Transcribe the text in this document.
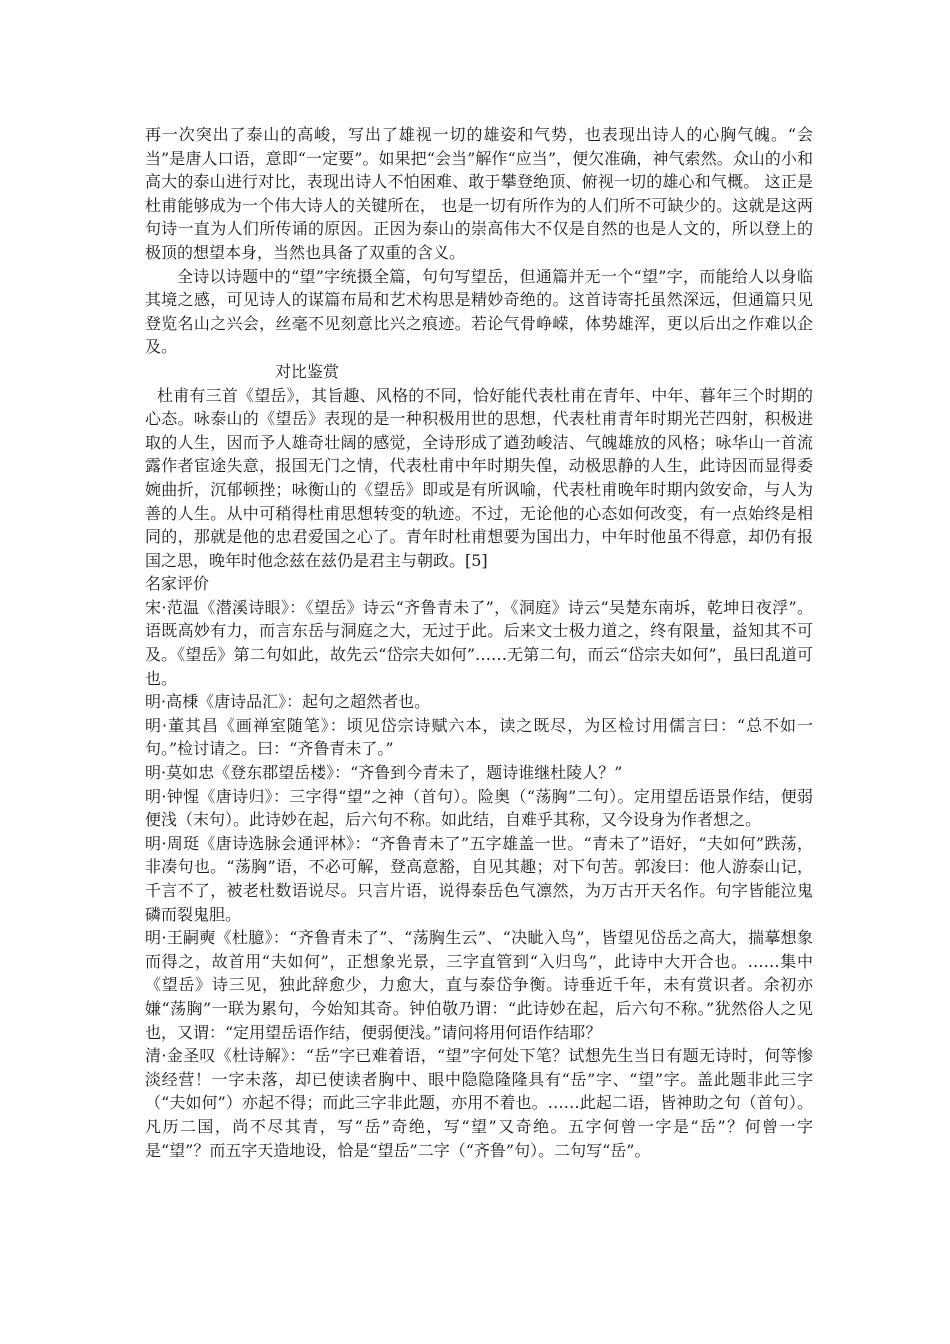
再一次突出了泰山的高峻，写出了雄视一切的雄姿和气势，也表现出诗人的心胸气魄。“会当”是唐人口语，意即“一定要”。如果把“会当”解作“应当”，便欠准确，神气索然。众山的小和高大的泰山进行对比，表现出诗人不怕困难、敢于攀登绝顶、俯视一切的雄心和气概。 这正是杜甫能够成为一个伟大诗人的关键所在， 也是一切有所作为的人们所不可缺少的。这就是这两句诗一直为人们所传诵的原因。正因为泰山的崇高伟大不仅是自然的也是人文的，所以登上的极顶的想望本身，当然也具备了双重的含义。

全诗以诗题中的“望”字统摄全篇，句句写望岳，但通篇并无一个“望”字，而能给人以身临其境之感，可见诗人的谋篇布局和艺术构思是精妙奇绝的。这首诗寄托虽然深远，但通篇只见登览名山之兴会，丝毫不见刻意比兴之痕迹。若论气骨峥嵘，体势雄浑，更以后出之作难以企及。

对比鉴赏

杜甫有三首《望岳》，其旨趣、风格的不同，恰好能代表杜甫在青年、中年、暮年三个时期的心态。咏泰山的《望岳》表现的是一种积极用世的思想，代表杜甫青年时期光芒四射，积极进取的人生，因而予人雄奇壮阔的感觉，全诗形成了遒劲峻洁、气魄雄放的风格；咏华山一首流露作者宦途失意，报国无门之情，代表杜甫中年时期失偟，动极思静的人生，此诗因而显得委婉曲折，沉郁顿挫；咏衡山的《望岳》即或是有所讽喻，代表杜甫晚年时期内敛安命，与人为善的人生。从中可稍得杜甫思想转变的轨迹。不过，无论他的心态如何改变，有一点始终是相同的，那就是他的忠君爱国之心了。青年时杜甫想要为国出力，中年时他虽不得意，却仍有报国之思，晚年时他念兹在兹仍是君主与朝政。[5]

名家评价

宋·范温《潜溪诗眼》：《望岳》诗云“齐鲁青未了”，《洞庭》诗云“吴楚东南坼，乾坤日夜浮”。语既高妙有力，而言东岳与洞庭之大，无过于此。后来文士极力道之，终有限量，益知其不可及。《望岳》第二句如此，故先云“岱宗夫如何”……无第二句，而云“岱宗夫如何”，虽曰乱道可也。

明·高棅《唐诗品汇》：起句之超然者也。

明·董其昌《画禅室随笔》：顷见岱宗诗赋六本，读之既尽，为区检讨用儒言曰：“总不如一句。”检讨请之。曰：“齐鲁青未了。”

明·莫如忠《登东郡望岳楼》：“齐鲁到今青未了，题诗谁继杜陵人？”

明·钟惺《唐诗归》：三字得“望”之神（首句）。险奥（“荡胸”二句）。定用望岳语景作结，便弱便浅（末句）。此诗妙在起，后六句不称。如此结，自难乎其称，又今设身为作者想之。

明·周珽《唐诗选脉会通评林》：“齐鲁青未了”五字雄盖一世。“青未了”语好，“夫如何”跌荡，非凑句也。“荡胸”语，不必可解，登高意豁，自见其趣；对下句苦。郭浚曰：他人游泰山记，千言不了，被老杜数语说尽。只言片语，说得泰岳色气凛然，为万古开天名作。句字皆能泣鬼磷而裂鬼胆。

明·王嗣奭《杜臆》：“齐鲁青未了”、“荡胸生云”、“决眦入鸟”，皆望见岱岳之高大，揣摹想象而得之，故首用“夫如何”，正想象光景，三字直管到“入归鸟”，此诗中大开合也。……集中《望岳》诗三见，独此辞愈少，力愈大，直与泰岱争衡。诗垂近千年，未有赏识者。余初亦嫌“荡胸”一联为累句，今始知其奇。钟伯敬乃谓：“此诗妙在起，后六句不称。”犹然俗人之见也，又谓：“定用望岳语作结，便弱便浅。”请问将用何语作结耶？

清·金圣叹《杜诗解》：“岳”字已难着语，“望”字何处下笔？试想先生当日有题无诗时，何等惨淡经营！一字未落，却已使读者胸中、眼中隐隐隆隆具有“岳”字、“望”字。盖此题非此三字（“夫如何”）亦起不得；而此三字非此题，亦用不着也。……此起二语，皆神助之句（首句）。凡历二国，尚不尽其青，写“岳”奇绝，写“望”又奇绝。五字何曾一字是“岳”？何曾一字是“望”？而五字天造地设，恰是“望岳”二字（“齐鲁”句）。二句写“岳”。
